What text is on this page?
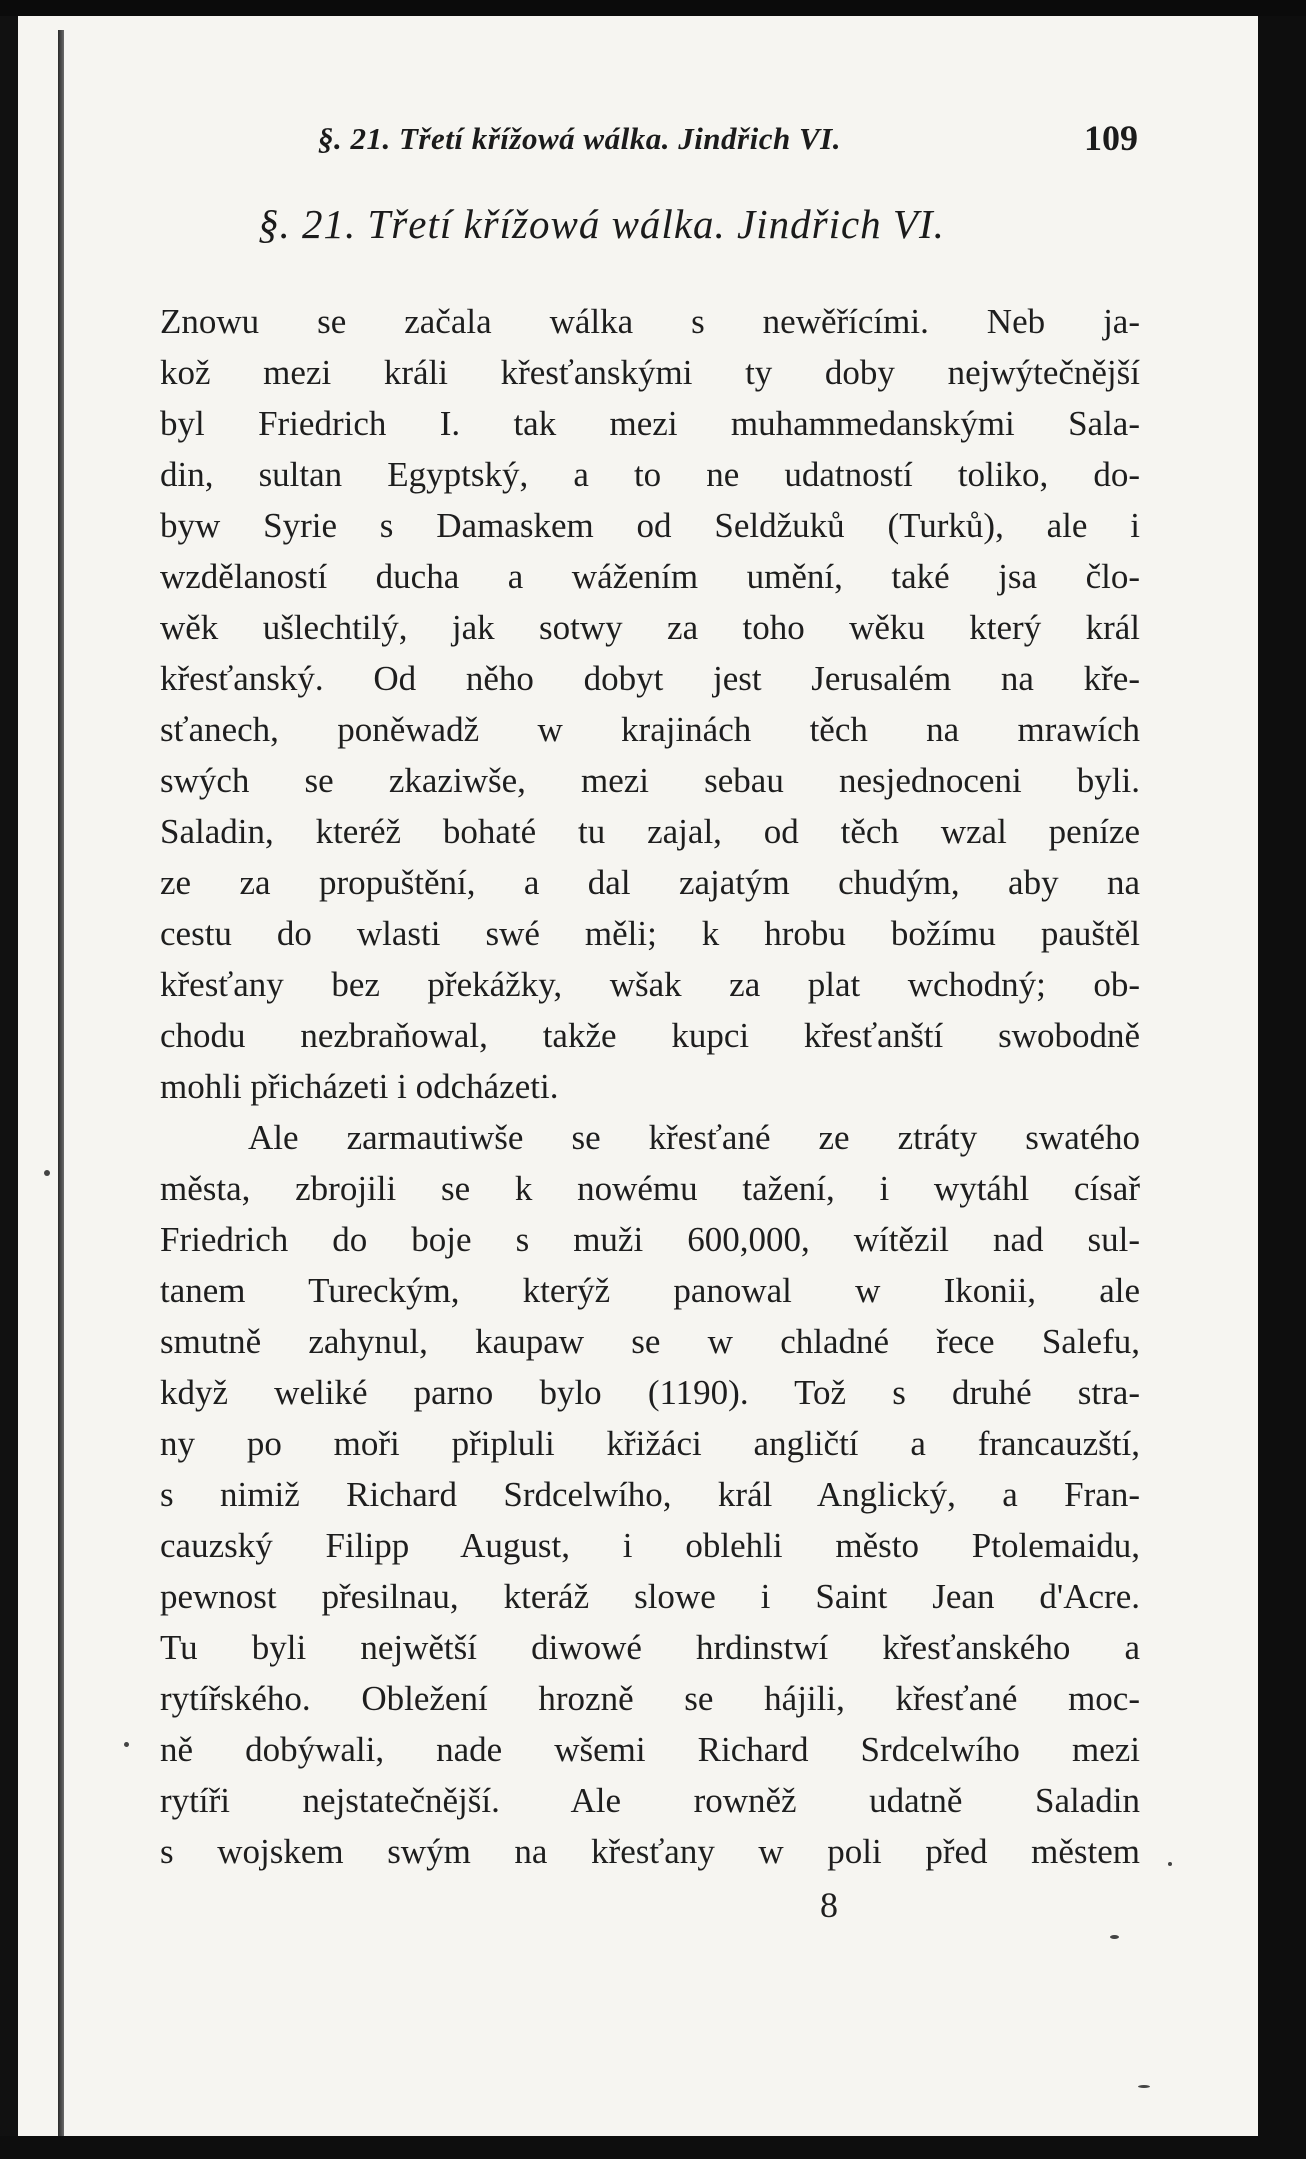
§. 21. Třetí křížowá wálka. Jindřich VI.	109
§. 21. Třetí křížowá wálka. Jindřich VI.
Znowu se začala wálka s newěřícími. Neb ja-
kož mezi králi křesťanskými ty doby nejwýtečnější
byl Friedrich I. tak mezi muhammedanskými Sala-
din, sultan Egyptský, a to ne udatností toliko, do-
byw Syrie s Damaskem od Seldžuků (Turků), ale i
wzdělaností ducha a wážením umění, také jsa člo-
wěk ušlechtilý, jak sotwy za toho wěku který král
křesťanský. Od něho dobyt jest Jerusalém na kře-
sťanech, poněwadž w krajinách těch na mrawích
swých se zkaziwše, mezi sebau nesjednoceni byli.
Saladin, kteréž bohaté tu zajal, od těch wzal peníze
ze za propuštění, a dal zajatým chudým, aby na
cestu do wlasti swé měli; k hrobu božímu pauštěl
křesťany bez překážky, wšak za plat wchodný; ob-
chodu nezbraňowal, takže kupci křesťanští swobodně
mohli přicházeti i odcházeti.
Ale zarmautiwše se křesťané ze ztráty swatého
města, zbrojili se k nowému tažení, i wytáhl císař
Friedrich do boje s muži 600,000, wítězil nad sul-
tanem Tureckým, kterýž panowal w Ikonii, ale
smutně zahynul, kaupaw se w chladné řece Salefu,
když weliké parno bylo (1190). Tož s druhé stra-
ny po moři připluli křižáci angličtí a francauzští,
s nimiž Richard Srdcelwího, král Anglický, a Fran-
cauzský Filipp August, i oblehli město Ptolemaidu,
pewnost přesilnau, kteráž slowe i Saint Jean d'Acre.
Tu byli nejwětší diwowé hrdinstwí křesťanského a
rytířského. Obležení hrozně se hájili, křesťané moc-
ně dobýwali, nade wšemi Richard Srdcelwího mezi
rytíři nejstatečnější. Ale rowněž udatně Saladin
s wojskem swým na křesťany w poli před městem
8
